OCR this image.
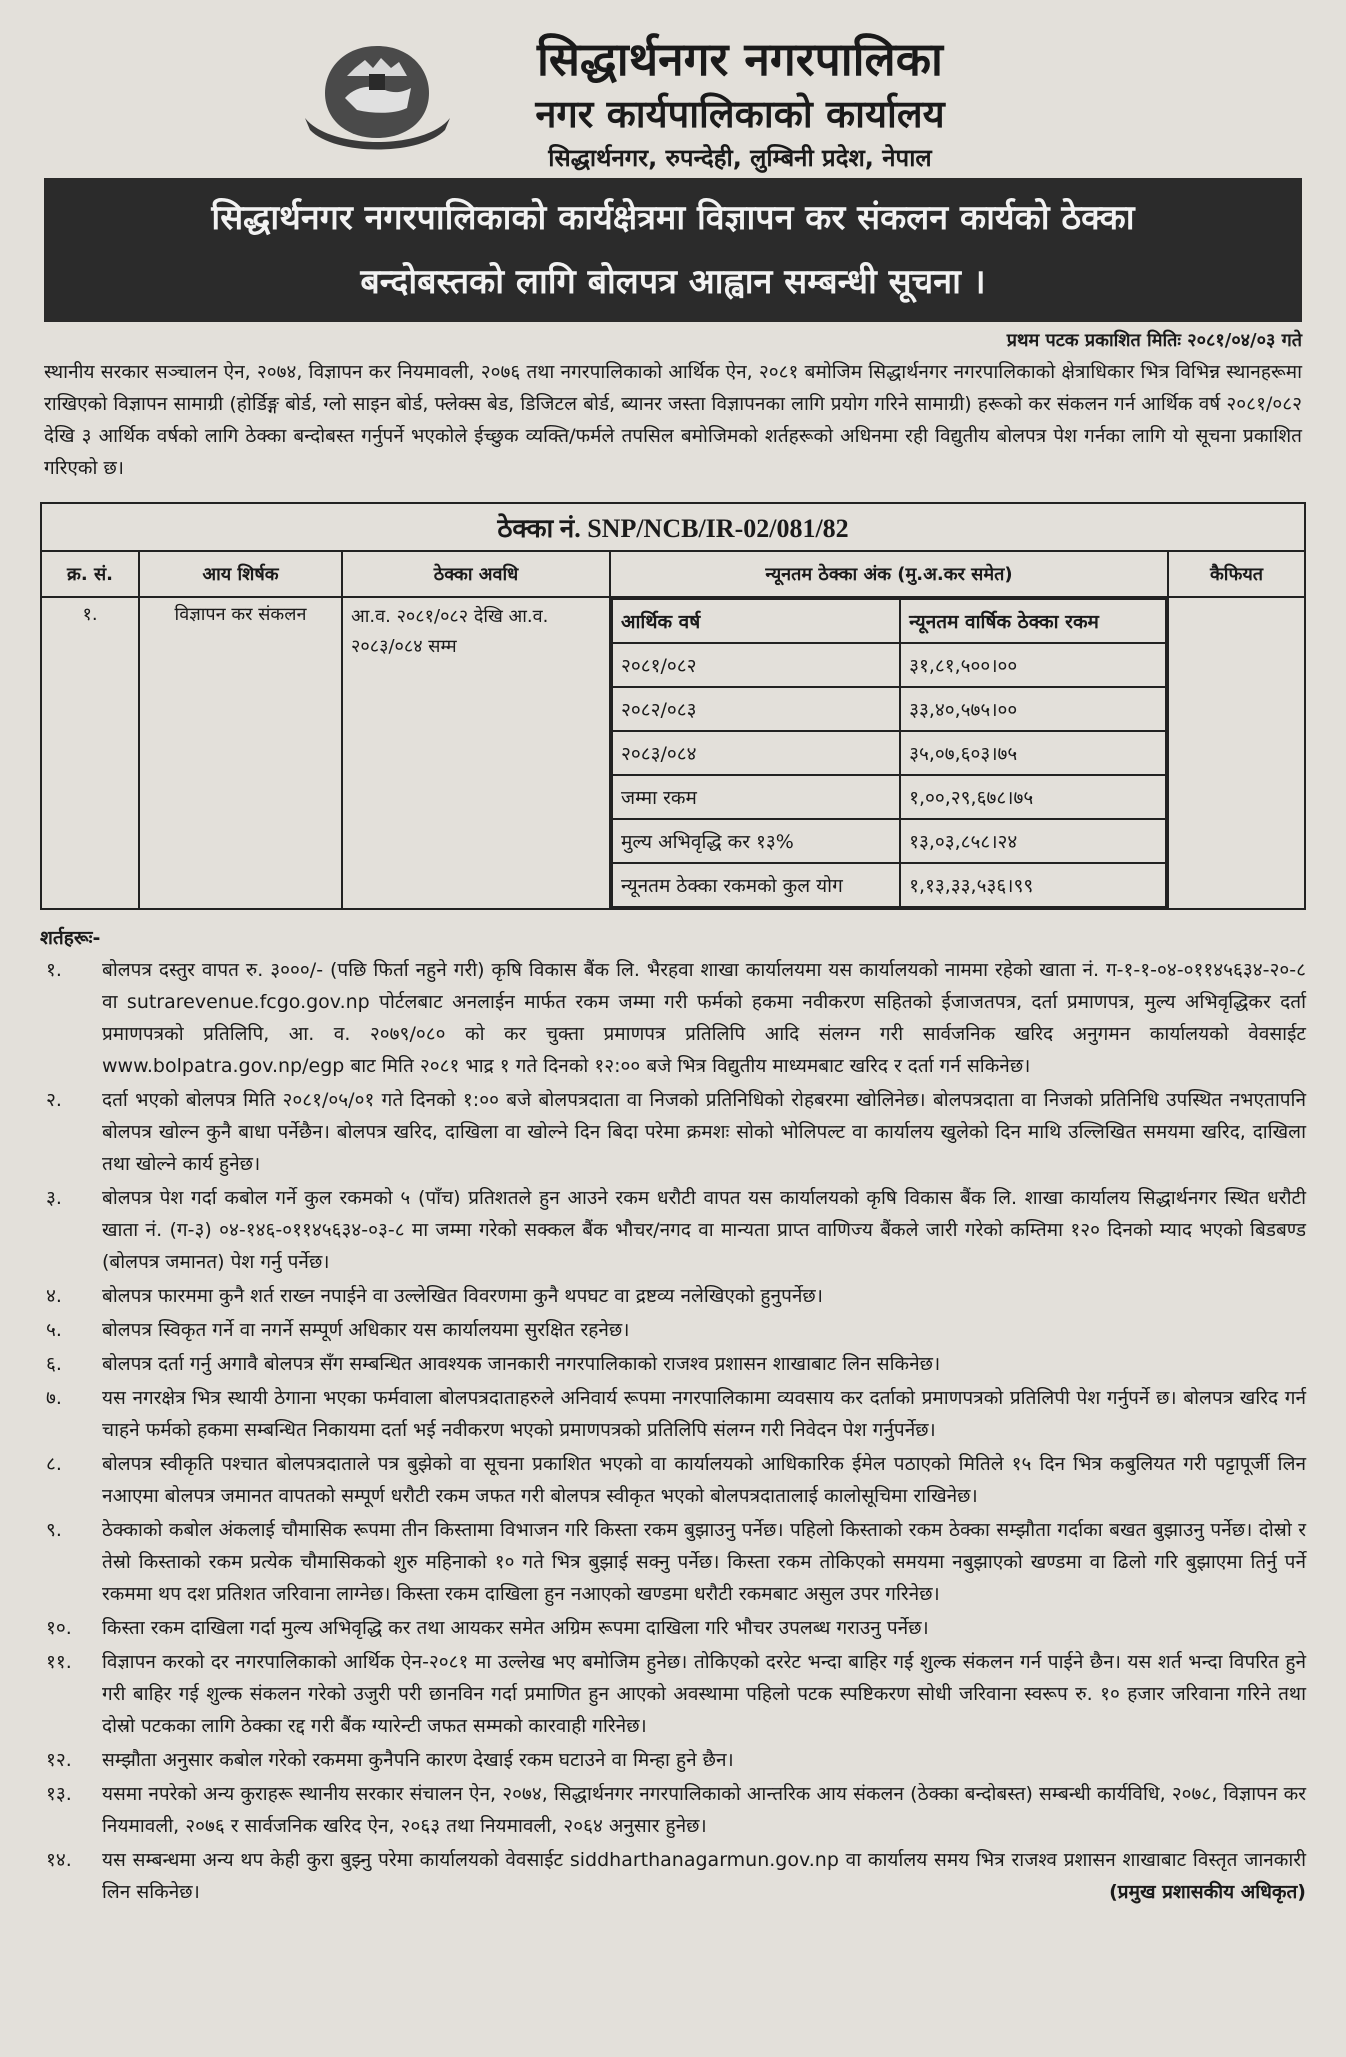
सिद्धार्थनगर नगरपालिका
नगर कार्यपालिकाको कार्यालय
सिद्धार्थनगर, रुपन्देही, लुम्बिनी प्रदेश, नेपाल
सिद्धार्थनगर नगरपालिकाको कार्यक्षेत्रमा विज्ञापन कर संकलन कार्यको ठेक्का
बन्दोबस्तको लागि बोलपत्र आह्वान सम्बन्धी सूचना ।
प्रथम पटक प्रकाशित मितिः २०८१/०४/०३ गते
स्थानीय सरकार सञ्चालन ऐन, २०७४, विज्ञापन कर नियमावली, २०७६ तथा नगरपालिकाको आर्थिक ऐन, २०८१ बमोजिम सिद्धार्थनगर नगरपालिकाको क्षेत्राधिकार भित्र विभिन्न स्थानहरूमा राखिएको विज्ञापन सामाग्री (होर्डिङ्ग बोर्ड, ग्लो साइन बोर्ड, फ्लेक्स बेड, डिजिटल बोर्ड, ब्यानर जस्ता विज्ञापनका लागि प्रयोग गरिने सामाग्री) हरूको कर संकलन गर्न आर्थिक वर्ष २०८१/०८२ देखि ३ आर्थिक वर्षको लागि ठेक्का बन्दोबस्त गर्नुपर्ने भएकोले ईच्छुक व्यक्ति/फर्मले तपसिल बमोजिमको शर्तहरूको अधिनमा रही विद्युतीय बोलपत्र पेश गर्नका लागि यो सूचना प्रकाशित गरिएको छ।
ठेक्का नं. SNP/NCB/IR-02/081/82
क्र. सं.	आय शिर्षक	ठेक्का अवधि	न्यूनतम ठेक्का अंक (मु.अ.कर समेत)	कैफियत
१.	विज्ञापन कर संकलन	आ.व. २०८१/०८२ देखि आ.व. २०८३/०८४ सम्म	
आर्थिक वर्ष	न्यूनतम वार्षिक ठेक्का रकम
२०८१/०८२	३१,८१,५००।००
२०८२/०८३	३३,४०,५७५।००
२०८३/०८४	३५,०७,६०३।७५
जम्मा रकम	१,००,२९,६७८।७५
मुल्य अभिवृद्धि कर १३%	१३,०३,८५८।२४
न्यूनतम ठेक्का रकमको कुल योग	१,१३,३३,५३६।९९

शर्तहरूः-
१.	बोलपत्र दस्तुर वापत रु. ३०००/- (पछि फिर्ता नहुने गरी) कृषि विकास बैंक लि. भैरहवा शाखा कार्यालयमा यस कार्यालयको नाममा रहेको खाता नं. ग-१-१-०४-०११४५६३४-२०-८ वा sutrarevenue.fcgo.gov.np पोर्टलबाट अनलाईन मार्फत रकम जम्मा गरी फर्मको हकमा नवीकरण सहितको ईजाजतपत्र, दर्ता प्रमाणपत्र, मुल्य अभिवृद्धिकर दर्ता प्रमाणपत्रको प्रतिलिपि, आ. व. २०७९/०८० को कर चुक्ता प्रमाणपत्र प्रतिलिपि आदि संलग्न गरी सार्वजनिक खरिद अनुगमन कार्यालयको वेवसाईट www.bolpatra.gov.np/egp बाट मिति २०८१ भाद्र १ गते दिनको १२:०० बजे भित्र विद्युतीय माध्यमबाट खरिद र दर्ता गर्न सकिनेछ।
२.	दर्ता भएको बोलपत्र मिति २०८१/०५/०१ गते दिनको १:०० बजे बोलपत्रदाता वा निजको प्रतिनिधिको रोहबरमा खोलिनेछ। बोलपत्रदाता वा निजको प्रतिनिधि उपस्थित नभएतापनि बोलपत्र खोल्न कुनै बाधा पर्नेछैन। बोलपत्र खरिद, दाखिला वा खोल्ने दिन बिदा परेमा क्रमशः सोको भोलिपल्ट वा कार्यालय खुलेको दिन माथि उल्लिखित समयमा खरिद, दाखिला तथा खोल्ने कार्य हुनेछ।
३.	बोलपत्र पेश गर्दा कबोल गर्ने कुल रकमको ५ (पाँच) प्रतिशतले हुन आउने रकम धरौटी वापत यस कार्यालयको कृषि विकास बैंक लि. शाखा कार्यालय सिद्धार्थनगर स्थित धरौटी खाता नं. (ग-३) ०४-१४६-०११४५६३४-०३-८ मा जम्मा गरेको सक्कल बैंक भौचर/नगद वा मान्यता प्राप्त वाणिज्य बैंकले जारी गरेको कम्तिमा १२० दिनको म्याद भएको बिडबण्ड (बोलपत्र जमानत) पेश गर्नु पर्नेछ।
४.	बोलपत्र फारममा कुनै शर्त राख्न नपाईने वा उल्लेखित विवरणमा कुनै थपघट वा द्रष्टव्य नलेखिएको हुनुपर्नेछ।
५.	बोलपत्र स्विकृत गर्ने वा नगर्ने सम्पूर्ण अधिकार यस कार्यालयमा सुरक्षित रहनेछ।
६.	बोलपत्र दर्ता गर्नु अगावै बोलपत्र सँग सम्बन्धित आवश्यक जानकारी नगरपालिकाको राजश्व प्रशासन शाखाबाट लिन सकिनेछ।
७.	यस नगरक्षेत्र भित्र स्थायी ठेगाना भएका फर्मवाला बोलपत्रदाताहरुले अनिवार्य रूपमा नगरपालिकामा व्यवसाय कर दर्ताको प्रमाणपत्रको प्रतिलिपी पेश गर्नुपर्ने छ। बोलपत्र खरिद गर्न चाहने फर्मको हकमा सम्बन्धित निकायमा दर्ता भई नवीकरण भएको प्रमाणपत्रको प्रतिलिपि संलग्न गरी निवेदन पेश गर्नुपर्नेछ।
८.	बोलपत्र स्वीकृति पश्चात बोलपत्रदाताले पत्र बुझेको वा सूचना प्रकाशित भएको वा कार्यालयको आधिकारिक ईमेल पठाएको मितिले १५ दिन भित्र कबुलियत गरी पट्टापूर्जी लिन नआएमा बोलपत्र जमानत वापतको सम्पूर्ण धरौटी रकम जफत गरी बोलपत्र स्वीकृत भएको बोलपत्रदातालाई कालोसूचिमा राखिनेछ।
९.	ठेक्काको कबोल अंकलाई चौमासिक रूपमा तीन किस्तामा विभाजन गरि किस्ता रकम बुझाउनु पर्नेछ। पहिलो किस्ताको रकम ठेक्का सम्झौता गर्दाका बखत बुझाउनु पर्नेछ। दोस्रो र तेस्रो किस्ताको रकम प्रत्येक चौमासिकको शुरु महिनाको १० गते भित्र बुझाई सक्नु पर्नेछ। किस्ता रकम तोकिएको समयमा नबुझाएको खण्डमा वा ढिलो गरि बुझाएमा तिर्नु पर्ने रकममा थप दश प्रतिशत जरिवाना लाग्नेछ। किस्ता रकम दाखिला हुन नआएको खण्डमा धरौटी रकमबाट असुल उपर गरिनेछ।
१०.	किस्ता रकम दाखिला गर्दा मुल्य अभिवृद्धि कर तथा आयकर समेत अग्रिम रूपमा दाखिला गरि भौचर उपलब्ध गराउनु पर्नेछ।
११.	विज्ञापन करको दर नगरपालिकाको आर्थिक ऐन-२०८१ मा उल्लेख भए बमोजिम हुनेछ। तोकिएको दररेट भन्दा बाहिर गई शुल्क संकलन गर्न पाईने छैन। यस शर्त भन्दा विपरित हुने गरी बाहिर गई शुल्क संकलन गरेको उजुरी परी छानविन गर्दा प्रमाणित हुन आएको अवस्थामा पहिलो पटक स्पष्टिकरण सोधी जरिवाना स्वरूप रु. १० हजार जरिवाना गरिने तथा दोस्रो पटकका लागि ठेक्का रद्द गरी बैंक ग्यारेन्टी जफत सम्मको कारवाही गरिनेछ।
१२.	सम्झौता अनुसार कबोल गरेको रकममा कुनैपनि कारण देखाई रकम घटाउने वा मिन्हा हुने छैन।
१३.	यसमा नपरेको अन्य कुराहरू स्थानीय सरकार संचालन ऐन, २०७४, सिद्धार्थनगर नगरपालिकाको आन्तरिक आय संकलन (ठेक्का बन्दोबस्त) सम्बन्धी कार्यविधि, २०७८, विज्ञापन कर नियमावली, २०७६ र सार्वजनिक खरिद ऐन, २०६३ तथा नियमावली, २०६४ अनुसार हुनेछ।
१४.	यस सम्बन्धमा अन्य थप केही कुरा बुझ्नु परेमा कार्यालयको वेवसाईट siddharthanagarmun.gov.np वा कार्यालय समय भित्र राजश्व प्रशासन शाखाबाट विस्तृत जानकारी लिन सकिनेछ।	(प्रमुख प्रशासकीय अधिकृत)
